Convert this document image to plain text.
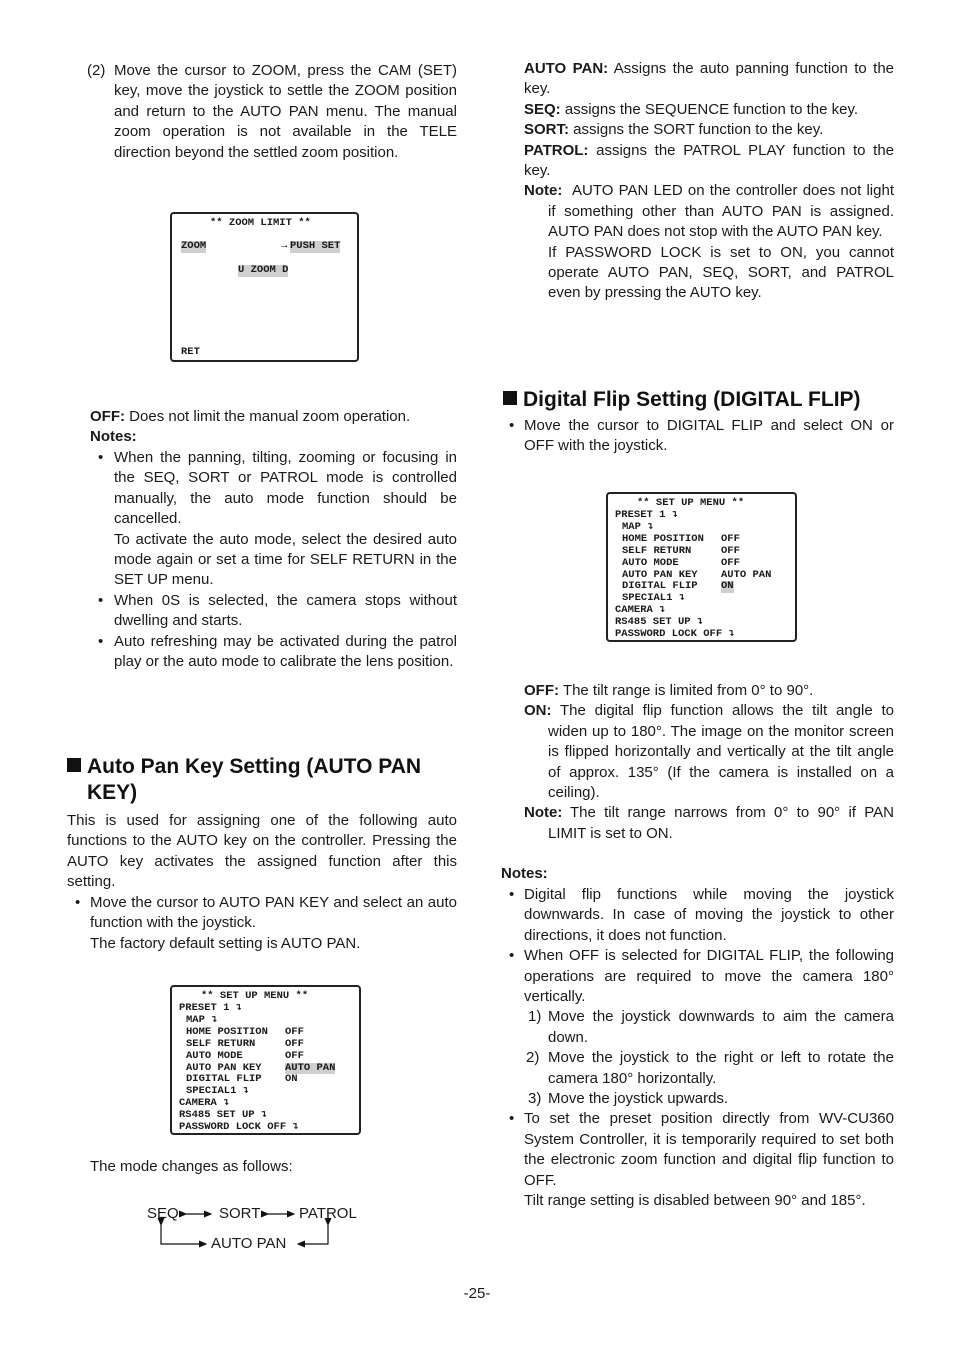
(2) Move the cursor to ZOOM, press the CAM (SET) key, move the joystick to settle the ZOOM position and return to the AUTO PAN menu. The manual zoom operation is not available in the TELE direction beyond the settled zoom position.

** ZOOM LIMIT **

ZOOM

	→

PUSH SET

U ZOOM D

RET

OFF: Does not limit the manual zoom operation.
Notes:
• When the panning, tilting, zooming or focusing in the SEQ, SORT or PATROL mode is controlled manually, the auto mode function should be cancelled.
To activate the auto mode, select the desired auto mode again or set a time for SELF RETURN in the SET UP menu.
• When 0S is selected, the camera stops without dwelling and starts.
• Auto refreshing may be activated during the patrol play or the auto mode to calibrate the lens position.
Auto Pan Key Setting (AUTO PAN
KEY)
This is used for assigning one of the following auto functions to the AUTO key on the controller. Pressing the AUTO key activates the assigned function after this setting.
• Move the cursor to AUTO PAN KEY and select an auto function with the joystick.
The factory default setting is AUTO PAN.

** SET UP MENU **

PRESET 1 ↴
MAP ↴
HOME POSITION OFF
SELF RETURN	OFF
AUTO MODE	OFF
AUTO PAN KEY AUTO PAN
DIGITAL FLIP ON
SPECIAL1 ↴
CAMERA ↴
RS485 SET UP ↴
PASSWORD LOCK OFF ↴
The mode changes as follows:
SEQ	SORT	PATROL
AUTO PAN
AUTO PAN: Assigns the auto panning function to the key.
SEQ: assigns the SEQUENCE function to the key.
SORT: assigns the SORT function to the key.
PATROL: assigns the PATROL PLAY function to the key.
Note: AUTO PAN LED on the controller does not light if something other than AUTO PAN is assigned. AUTO PAN does not stop with the AUTO PAN key.
If PASSWORD LOCK is set to ON, you cannot operate AUTO PAN, SEQ, SORT, and PATROL even by pressing the AUTO key.
Digital Flip Setting (DIGITAL FLIP)
• Move the cursor to DIGITAL FLIP and select ON or OFF with the joystick.

** SET UP MENU **

PRESET 1 ↴
MAP ↴
HOME POSITION OFF
SELF RETURN	OFF
AUTO MODE	OFF
AUTO PAN KEY AUTO PAN
DIGITAL FLIP ON
SPECIAL1 ↴
CAMERA ↴
RS485 SET UP ↴
PASSWORD LOCK OFF ↴
OFF: The tilt range is limited from 0° to 90°.
ON: The digital flip function allows the tilt angle to widen up to 180°. The image on the monitor screen is flipped horizontally and vertically at the tilt angle of approx. 135° (If the camera is installed on a ceiling).
Note: The tilt range narrows from 0° to 90° if PAN LIMIT is set to ON.
Notes:
• Digital flip functions while moving the joystick downwards. In case of moving the joystick to other directions, it does not function.
• When OFF is selected for DIGITAL FLIP, the following operations are required to move the camera 180° vertically.
1) Move the joystick downwards to aim the camera down.
2) Move the joystick to the right or left to rotate the camera 180° horizontally.
3) Move the joystick upwards.
• To set the preset position directly from WV-CU360 System Controller, it is temporarily required to set both the electronic zoom function and digital flip function to OFF.
Tilt range setting is disabled between 90° and 185°.
-25-
